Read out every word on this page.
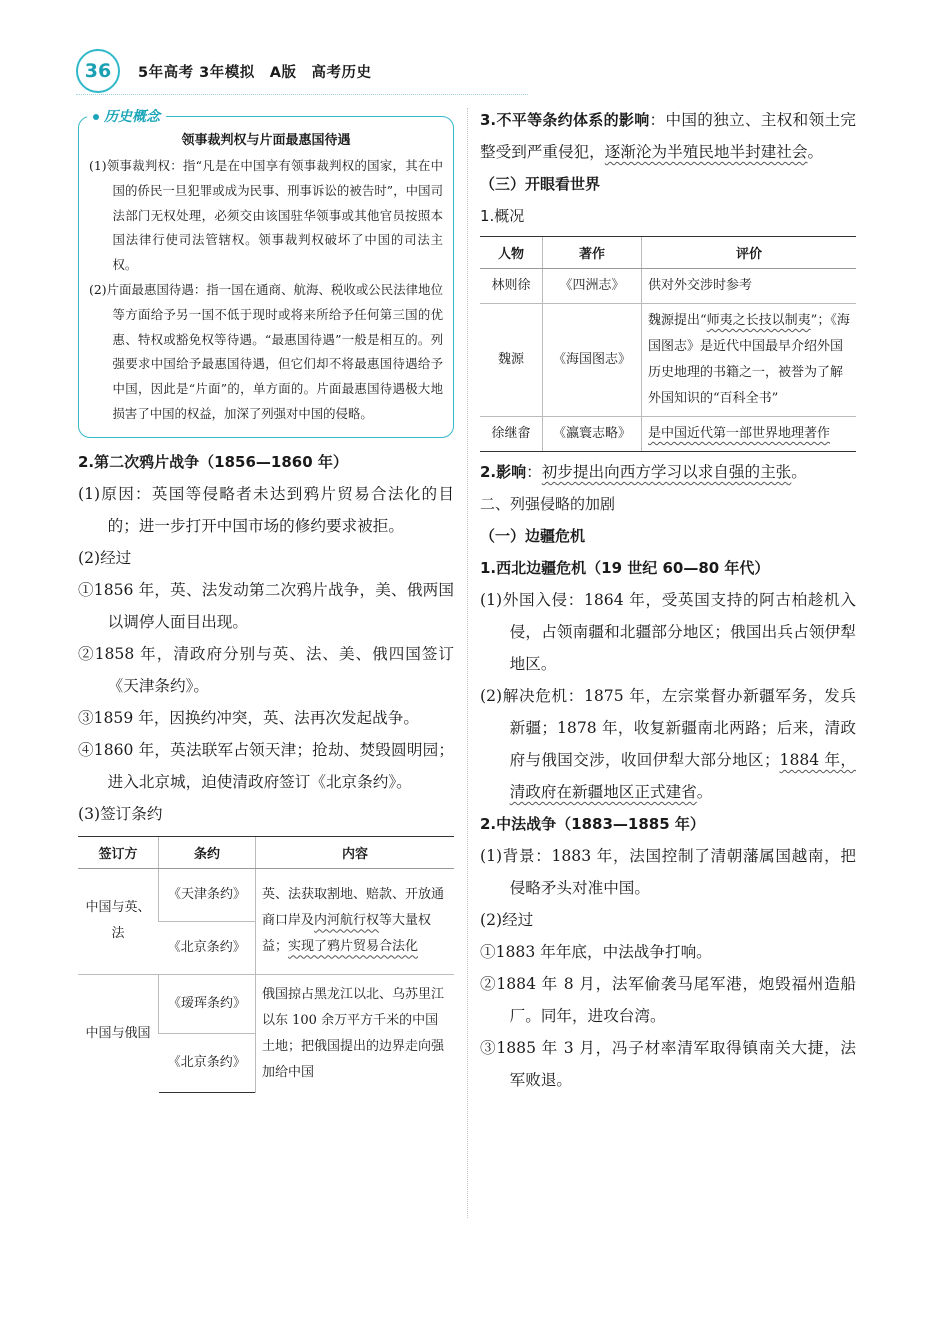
36	5年高考 3年模拟　A版　高考历史
历史概念
领事裁判权与片面最惠国待遇

(1)领事裁判权：指“凡是在中国享有领事裁判权的国家，其在中国的侨民一旦犯罪或成为民事、刑事诉讼的被告时”，中国司法部门无权处理，必须交由该国驻华领事或其他官员按照本国法律行使司法管辖权。领事裁判权破坏了中国的司法主权。

(2)片面最惠国待遇：指一国在通商、航海、税收或公民法律地位等方面给予另一国不低于现时或将来所给予任何第三国的优惠、特权或豁免权等待遇。“最惠国待遇”一般是相互的。列强要求中国给予最惠国待遇，但它们却不将最惠国待遇给予中国，因此是“片面”的，单方面的。片面最惠国待遇极大地损害了中国的权益，加深了列强对中国的侵略。

2.第二次鸦片战争（1856—1860 年）

(1)原因：英国等侵略者未达到鸦片贸易合法化的目的；进一步打开中国市场的修约要求被拒。

(2)经过

①1856 年，英、法发动第二次鸦片战争，美、俄两国以调停人面目出现。

②1858 年，清政府分别与英、法、美、俄四国签订《天津条约》。

③1859 年，因换约冲突，英、法再次发起战争。

④1860 年，英法联军占领天津；抢劫、焚毁圆明园；进入北京城，迫使清政府签订《北京条约》。

(3)签订条约

签订方	条约	内容
中国与英、法	《天津条约》	英、法获取割地、赔款、开放通商口岸及内河航行权等大量权益；实现了鸦片贸易合法化
	《北京条约》	
中国与俄国	《瑷珲条约》	俄国掠占黑龙江以北、乌苏里江以东 100 余万平方千米的中国土地；把俄国提出的边界走向强加给中国
	《北京条约》	

3.不平等条约体系的影响：中国的独立、主权和领土完整受到严重侵犯，逐渐沦为半殖民地半封建社会。

（三）开眼看世界

1.概况

人物	著作	评价
林则徐	《四洲志》	供对外交涉时参考
魏源	《海国图志》	魏源提出“师夷之长技以制夷”；《海国图志》是近代中国最早介绍外国历史地理的书籍之一，被誉为了解外国知识的“百科全书”
徐继畲	《瀛寰志略》	是中国近代第一部世界地理著作

2.影响：初步提出向西方学习以求自强的主张。

二、列强侵略的加剧

（一）边疆危机

1.西北边疆危机（19 世纪 60—80 年代）

(1)外国入侵：1864 年，受英国支持的阿古柏趁机入侵，占领南疆和北疆部分地区；俄国出兵占领伊犁地区。

(2)解决危机：1875 年，左宗棠督办新疆军务，发兵新疆；1878 年，收复新疆南北两路；后来，清政府与俄国交涉，收回伊犁大部分地区；1884 年，清政府在新疆地区正式建省。

2.中法战争（1883—1885 年）

(1)背景：1883 年，法国控制了清朝藩属国越南，把侵略矛头对准中国。

(2)经过

①1883 年年底，中法战争打响。

②1884 年 8 月，法军偷袭马尾军港，炮毁福州造船厂。同年，进攻台湾。

③1885 年 3 月，冯子材率清军取得镇南关大捷，法军败退。
